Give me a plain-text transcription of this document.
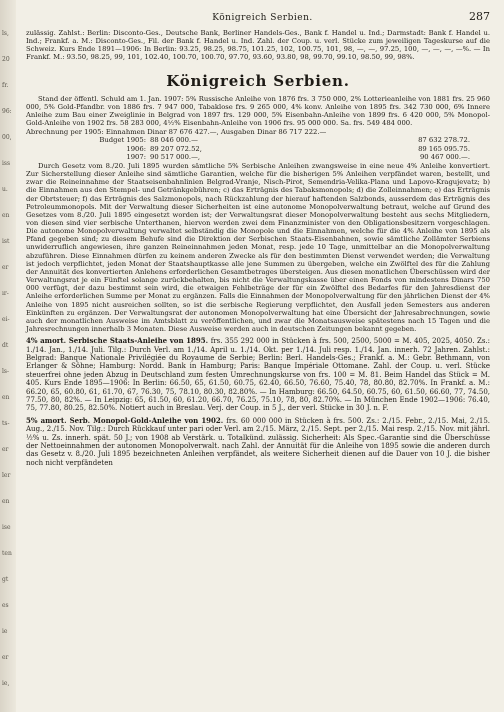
ls,
20
fr.
96:
00,
iss
u.
en
ist
er
ır-
ei-
dt
ls-
en
ts-
er
ler
en
ise
ten
gt
es
ie
er
ie,
Königreich Serbien.	287

zulässig. Zahlst.: Berlin: Disconto-Ges., Deutsche Bank, Berliner Handels-Ges., Bank f. Handel u. Ind.; Darmstadt: Bank f. Handel u. Ind.; Frankf. a. M.: Disconto-Ges., Fil. der Bank f. Handel u. Ind. Zahl. der Coup. u. verl. Stücke zum jeweiligen Tageskurse auf die Schweiz. Kurs Ende 1891—1906: In Berlin: 93.25, 98.25, 98.75, 101.25, 102, 100.75, 101, 98, —, —, 97.25, 100, —, —, —, —%. — In Frankf. M.: 93.50, 98.25, 99, 101, 102.40, 100.70, 100.70, 97.70, 93.60, 93.80, 98, 99.70, 99.10, 98.50, 99, 98%.

Königreich Serbien.

Stand der öffentl. Schuld am 1. Jan. 1907: 5% Russische Anleihe von 1876 frs. 3 750 000, 2% Lotterieanleihe von 1881 frs. 25 960 000, 5% Gold-Pfandbr. von 1886 frs. 7 947 000, Tabaklose frs. 9 265 000, 4% konv. Anleihe von 1895 frs. 342 730 000, 6% Innere Anleihe zum Bau einer Zweiglinie in Belgrad von 1897 frs. 129 000, 5% Eisenbahn-Anleihe von 1899 frs. 6 420 000, 5% Monopol-Gold-Anleihe von 1902 frs. 58 283 000, 4½% Eisenbahn-Anleihe von 1906 frs. 95 000 000. Sa. frs. 549 484 000.

Abrechnung per 1905: Einnahmen Dinar 87 676 427.—, Ausgaben Dinar 86 717 222.—
Budget 1905: 88 046 000.—	87 632 278.72.
1906: 89 207 072.52,	89 165 095.75.
1907: 90 517 000.—,	90 467 000.—.

Durch Gesetz vom 8./20. Juli 1895 wurden sämtliche 5% Serbische Anleihen zwangsweise in eine neue 4% Anleihe konvertiert. Zur Sicherstellung dieser Anleihe sind sämtliche Garantien, welche für die bisherigen 5% Anleihen verpfändet waren, bestellt, und zwar die Reineinnahme der Staatseisenbahnlinien Belgrad-Vranje, Nisch-Pirot, Semendria-Velika-Plana und Lapovo-Kragujevatz; b) die Einnahmen aus den Stempel- und Getränkgebühren; c) das Erträgnis des Tabaksmonopols; d) die Zolleinnahmen; e) das Erträgnis der Obrtsteuer; f) das Erträgnis des Salzmonopols, nach Rückzahlung der hierauf haftenden Salzbonds, ausserdem das Erträgnis des Petroleummonopols. Mit der Verwaltung dieser Sicherheiten ist eine autonome Monopolverwaltung betraut, welche auf Grund des Gesetzes vom 8./20. Juli 1895 eingesetzt worden ist; der Verwaltungsrat dieser Monopolverwaltung besteht aus sechs Mitgliedern, von diesen sind vier serbische Unterthanen, hiervon werden zwei dem Finanzminister von den Obligationsbesitzern vorgeschlagen. Die autonome Monopolverwaltung verwaltet selbständig die Monopole und die Einnahmen, welche für die 4% Anleihe von 1895 als Pfand gegeben sind; zu diesem Behufe sind die Direktion der Serbischen Staats-Eisenbahnen, sowie sämtliche Zollämter Serbiens unwiderruflich angewiesen, ihre ganzen Reineinnahmen jeden Monat, resp. jede 10 Tage, unmittelbar an die Monopolverwaltung abzuführen. Diese Einnahmen dürfen zu keinem anderen Zwecke als für den bestimmten Dienst verwendet werden; die Verwaltung ist jedoch verpflichtet, jeden Monat der Staatshauptkasse alle jene Summen zu übergeben, welche ein Zwölftel des für die Zahlung der Annuität des konvertierten Anlehens erforderlichen Gesamtbetrages übersteigen. Aus diesen monatlichen Überschüssen wird der Verwaltungsrat je ein Fünftel solange zurückbehalten, bis nicht die Verwaltungskasse über einen Fonds von mindestens Dinars 750 000 verfügt, der dazu bestimmt sein wird, die etwaigen Fehlbeträge der für ein Zwölftel des Bedarfes für den Jahresdienst der Anleihe erforderlichen Summe per Monat zu ergänzen. Falls die Einnahmen der Monopolverwaltung für den jährlichen Dienst der 4% Anleihe von 1895 nicht ausreichen sollten, so ist die serbische Regierung verpflichtet, den Ausfall jeden Semesters aus anderen Einkünften zu ergänzen. Der Verwaltungsrat der autonomen Monopolverwaltung hat eine Übersicht der Jahresabrechnungen, sowie auch der monatlichen Ausweise im Amtsblatt zu veröffentlichen, und zwar die Monatsausweise spätestens nach 15 Tagen und die Jahresrechnungen innerhalb 3 Monaten. Diese Ausweise werden auch in deutschen Zeitungen bekannt gegeben.

4% amort. Serbische Staats-Anleihe von 1895. frs. 355 292 000 in Stücken à frs. 500, 2500, 5000 = M. 405, 2025, 4050. Zs.: 1./14. Jan., 1./14. Juli. Tilg.: Durch Verl. am 1./14. April u. 1./14. Okt. per 1./14. Juli resp. 1./14. Jan. innerh. 72 Jahren. Zahlst.: Belgrad: Banque Nationale Privilégiée du Royaume de Serbie; Berlin: Berl. Handels-Ges.; Frankf. a. M.: Gebr. Bethmann, von Erlanger & Söhne; Hamburg: Nordd. Bank in Hamburg; Paris: Banque Impériale Ottomane. Zahl. der Coup. u. verl. Stücke steuerfrei ohne jeden Abzug in Deutschland zum festen Umrechnungskurse von frs. 100 = M. 81. Beim Handel das Stück = M. 405. Kurs Ende 1895—1906: In Berlin: 66.50, 65, 61.50, 60.75, 62.40, 66.50, 76.60, 75.40, 78, 80.80, 82.70%. In Frankf. a. M.: 66.20, 65, 60.80, 61, 61.70, 67, 76.30, 75, 78.10, 80.30, 82.80%. — In Hamburg: 66.50, 64.50, 60.75, 60, 61.50, 66.60, 77, 74.50, 77.50, 80, 82%. — In Leipzig: 65, 61.50, 60, 61.20, 66.70, 76.25, 75.10, 78, 80, 82.70%. — In München Ende 1902—1906: 76.40, 75, 77.80, 80.25, 82.50%. Notiert auch in Breslau. Verj. der Coup. in 5 J., der verl. Stücke in 30 J. n. F.

5% amort. Serb. Monopol-Gold-Anleihe von 1902. frs. 60 000 000 in Stücken à frs. 500. Zs.: 2./15. Febr., 2./15. Mai, 2./15. Aug., 2./15. Nov. Tilg.: Durch Rückkauf unter pari oder Verl. am 2./15. März, 2./15. Sept. per 2./15. Mai resp. 2./15. Nov. mit jährl. ½% u. Zs. innerh. spät. 50 J.; von 1908 ab Verstärk. u. Totalkünd. zulässig. Sicherheit: Als Spec.-Garantie sind die Überschüsse der Nettoeinnahmen der autonomen Monopolverwalt. nach Zahl. der Annuität für die Anleihe von 1895 sowie die anderen durch das Gesetz v. 8./20. Juli 1895 bezeichneten Anleihen verpfändet, als weitere Sicherheit dienen auf die Dauer von 10 J. die bisher noch nicht verpfändeten
